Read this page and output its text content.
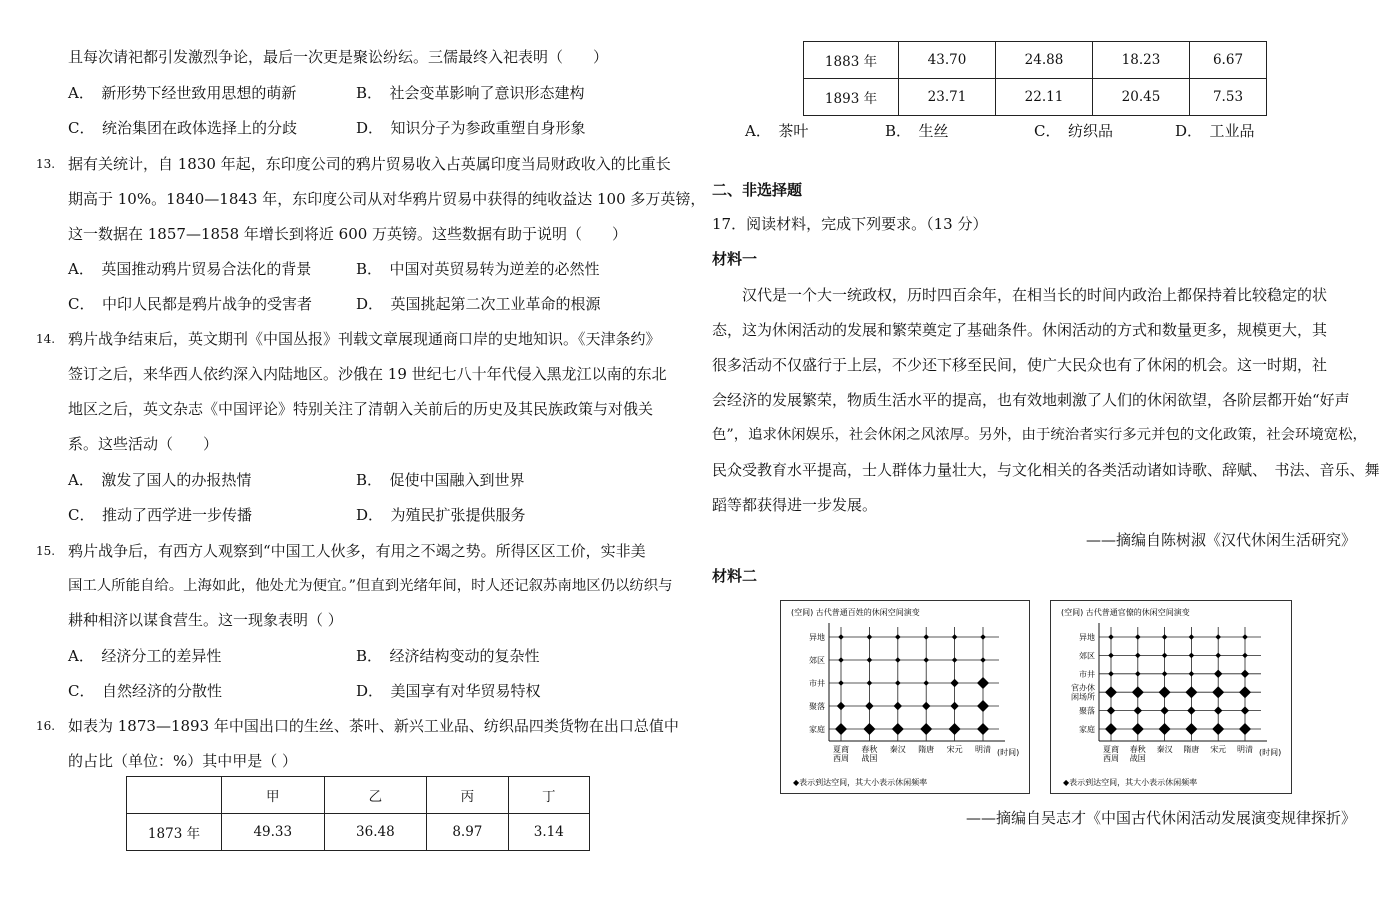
且每次请祀都引发激烈争论，最后一次更是聚讼纷纭。三儒最终入祀表明（　　）
A．　新形势下经世致用思想的萌新	B．　社会变革影响了意识形态建构
C．　统治集团在政体选择上的分歧	D．　知识分子为参政重塑自身形象
13. 据有关统计，自 1830 年起，东印度公司的鸦片贸易收入占英属印度当局财政收入的比重长
期高于 10%。1840—1843 年，东印度公司从对华鸦片贸易中获得的纯收益达 100 多万英镑，
这一数据在 1857—1858 年增长到将近 600 万英镑。这些数据有助于说明（　　）
A．　英国推动鸦片贸易合法化的背景	B．　中国对英贸易转为逆差的必然性
C．　中印人民都是鸦片战争的受害者	D．　英国挑起第二次工业革命的根源
14. 鸦片战争结束后，英文期刊《中国丛报》刊载文章展现通商口岸的史地知识。《天津条约》
签订之后，来华西人依约深入内陆地区。沙俄在 19 世纪七八十年代侵入黑龙江以南的东北
地区之后，英文杂志《中国评论》特别关注了清朝入关前后的历史及其民族政策与对俄关
系。这些活动（　　）
A．　激发了国人的办报热情	B．　促使中国融入到世界
C．　推动了西学进一步传播	D．　为殖民扩张提供服务
15. 鸦片战争后，有西方人观察到“中国工人伙多，有用之不竭之势。所得区区工价，实非美
国工人所能自给。上海如此，他处尤为便宜。”但直到光绪年间，时人还记叙苏南地区仍以纺织与
耕种相济以谋食营生。这一现象表明（ ）
A．　经济分工的差异性	B．　经济结构变动的复杂性
C．　自然经济的分散性	D．　美国享有对华贸易特权
16. 如表为 1873—1893 年中国出口的生丝、茶叶、新兴工业品、纺织品四类货物在出口总值中
的占比（单位：%）其中甲是（ ）
	甲	乙	丙	丁
1873 年	49.33	36.48	8.97	3.14
1883 年	43.70	24.88	18.23	6.67
1893 年	23.71	22.11	20.45	7.53
A．　茶叶	B．　生丝	C．　纺织品	D．　工业品
二、非选择题
17．阅读材料，完成下列要求。（13 分）
材料一
汉代是一个大一统政权，历时四百余年，在相当长的时间内政治上都保持着比较稳定的状
态，这为休闲活动的发展和繁荣奠定了基础条件。休闲活动的方式和数量更多，规模更大，其
很多活动不仅盛行于上层，不少还下移至民间，使广大民众也有了休闲的机会。这一时期，社
会经济的发展繁荣，物质生活水平的提高，也有效地刺激了人们的休闲欲望，各阶层都开始“好声
色”，追求休闲娱乐，社会休闲之风浓厚。另外，由于统治者实行多元并包的文化政策，社会环境宽松，
民众受教育水平提高，士人群体力量壮大，与文化相关的各类活动诸如诗歌、辞赋、　书法、音乐、舞
蹈等都获得进一步发展。
——摘编自陈树淑《汉代休闲生活研究》
材料二
(空间) 古代普通百姓的休闲空间演变
家庭
聚落
市井
郊区
异地
夏商
西周
春秋
战国
秦汉 隋唐 宋元 明清 (时间)
◆表示到达空间，其大小表示休闲频率
(空间) 古代普通官僚的休闲空间演变
家庭
聚落
官办休
闲场所
市井
郊区
异地
夏商
西周
春秋
战国
秦汉 隋唐 宋元 明清 (时间)
◆表示到达空间，其大小表示休闲频率
——摘编自吴志才《中国古代休闲活动发展演变规律探折》
